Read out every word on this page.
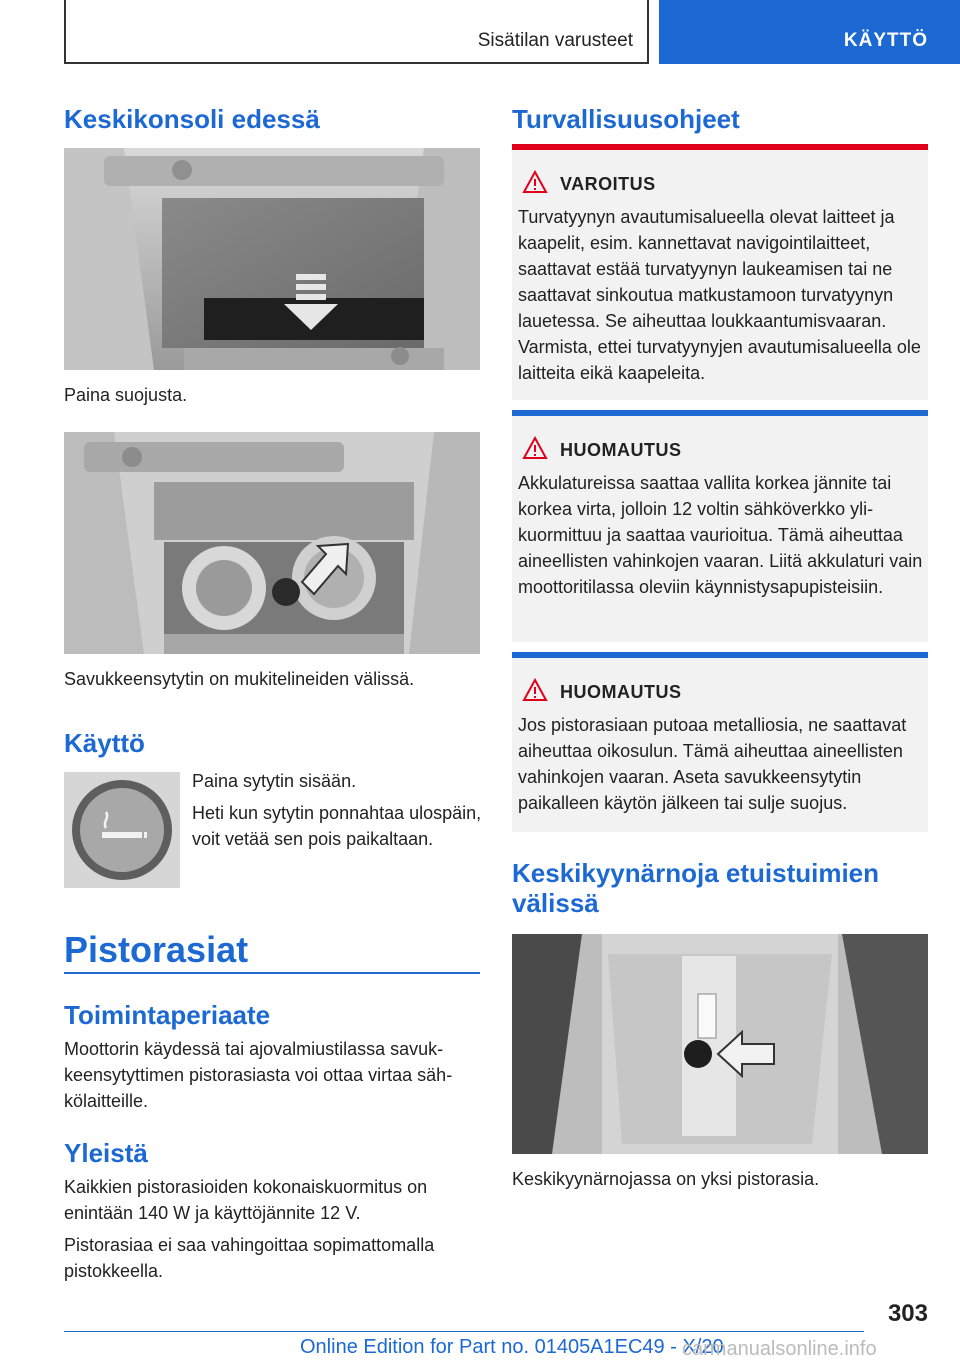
Sisätilan varusteet	KÄYTTÖ
Keskikonsoli edessä

Paina suojusta.

Savukkeensytytin on mukitelineiden välissä.

Käyttö

Paina sytytin sisään.

Heti kun sytytin ponnahtaa ulospäin, voit vetää sen pois paikaltaan.

Pistorasiat
Toimintaperiaate

Moottorin käydessä tai ajovalmiustilassa savukkeensytyttimen pistorasiasta voi ottaa virtaa sähkölaitteille.

Yleistä

Kaikkien pistorasioiden kokonaiskuormitus on enintään 140 W ja käyttöjännite 12 V.

Pistorasiaa ei saa vahingoittaa sopimattomalla pistokkeella.

Turvallisuusohjeet
VAROITUS
Turvatyynyn avautumisalueella olevat laitteet ja kaapelit, esim. kannettavat navigointilaitteet, saattavat estää turvatyynyn laukeamisen tai ne saattavat sinkoutua matkustamoon turvatyynyn lauetessa. Se aiheuttaa loukkaantumisvaaran. Varmista, ettei turvatyynyjen avautumisalueella ole laitteita eikä kaapeleita.
HUOMAUTUS
Akkulatureissa saattaa vallita korkea jännite tai korkea virta, jolloin 12 voltin sähköverkko ylikuormittuu ja saattaa vaurioitua. Tämä aiheuttaa aineellisten vahinkojen vaaran. Liitä akkulaturi vain moottoritilassa oleviin käynnistysapupisteisiin.
HUOMAUTUS
Jos pistorasiaan putoaa metalliosia, ne saattavat aiheuttaa oikosulun. Tämä aiheuttaa aineellisten vahinkojen vaaran. Aseta savukkeensytytin paikalleen käytön jälkeen tai sulje suojus.
Keskikyynärnoja etuistuimien välissä

Keskikyynärnojassa on yksi pistorasia.

303
Online Edition for Part no. 01405A1EC49 - X/20
carmanualsonline.info
